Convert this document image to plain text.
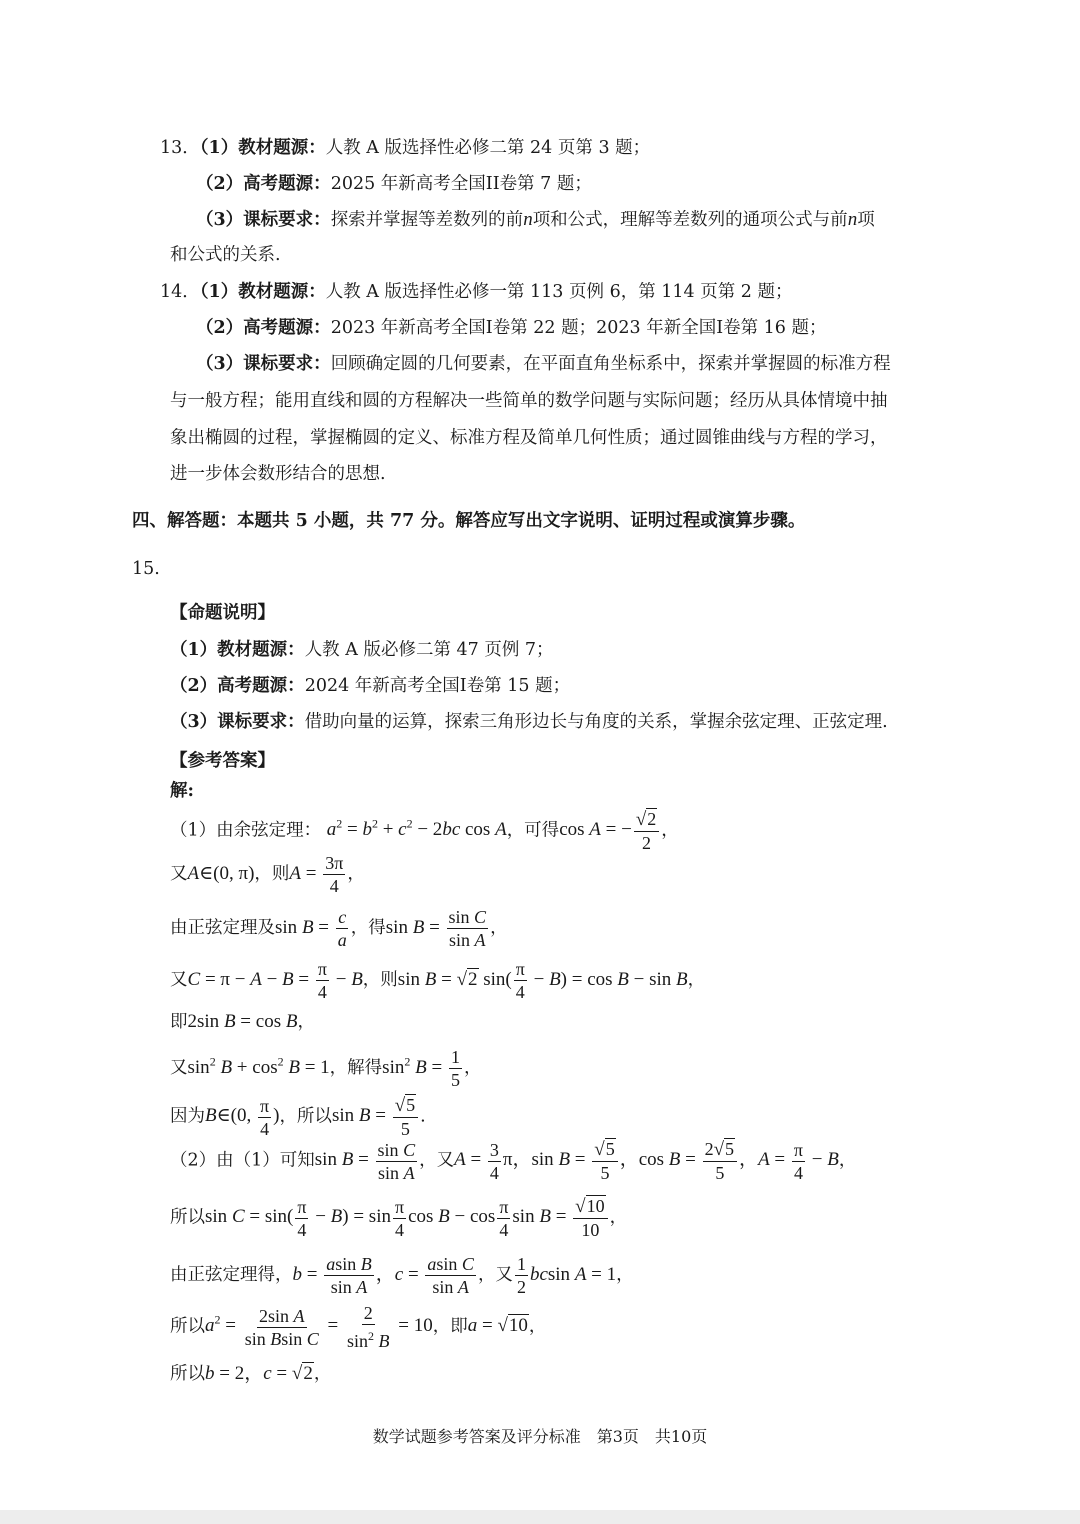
13．（1）教材题源：人教 A 版选择性必修二第 24 页第 3 题；
（2）高考题源：2025 年新高考全国II卷第 7 题；
（3）课标要求：探索并掌握等差数列的前n项和公式，理解等差数列的通项公式与前n项
和公式的关系.
14．（1）教材题源：人教 A 版选择性必修一第 113 页例 6，第 114 页第 2 题；
（2）高考题源：2023 年新高考全国I卷第 22 题；2023 年新全国I卷第 16 题；
（3）课标要求：回顾确定圆的几何要素，在平面直角坐标系中，探索并掌握圆的标准方程
与一般方程；能用直线和圆的方程解决一些简单的数学问题与实际问题；经历从具体情境中抽
象出椭圆的过程，掌握椭圆的定义、标准方程及简单几何性质；通过圆锥曲线与方程的学习，
进一步体会数形结合的思想.
四、解答题：本题共 5 小题，共 77 分。解答应写出文字说明、证明过程或演算步骤。
15.
【命题说明】
（1）教材题源：人教 A 版必修二第 47 页例 7；
（2）高考题源：2024 年新高考全国I卷第 15 题；
（3）课标要求：借助向量的运算，探索三角形边长与角度的关系，掌握余弦定理、正弦定理.
【参考答案】
解:
（1）由余弦定理： $a^2 = b^2 + c^2 - 2bc$ cos A，可得cos A = − $\frac{√2}{2}$ ，
又A∈(0, π)，则$A = \frac{3\pi}{4}$ ，
由正弦定理及$\sin B = \frac{c}{a}$ ，得$\sin B = \frac{\text{sin C}}{\text{sin A}}$ ，
又$C = \pi - A - B = \frac{\pi}{4} - B$，则sin B = √2 $\sin( \frac{\pi}{4} - B) = \cos B - \sin B$，
即2sin B = cos B，
又$\sin^2 B + \cos^2 B = 1$，解得$\sin^2 B = \frac{1}{5}$ ，
因为B∈(0, $\frac{\pi}{4}$ )，所以$\sin B = \frac{√5}{5}$ .
（2）由（1）可知$\sin B = \frac{\text{sin C}}{\text{sin A}}$ ，又$A = \frac{3}{4}$ π，$\sin B = \frac{√5}{5}$ ，$\cos B = \frac{2√5}{5}$ ，$A = \frac{\pi}{4} - B$，
所以$\sin C = \sin( \frac{\pi}{4} - B) = \sin \frac{\pi}{4}$ $\cos B - \cos \frac{\pi}{4}$ $\sin B = \frac{√10}{10}$ ，
由正弦定理得，$b = \frac{\text{asin B}}{\text{sin A}}$ ，$c = \frac{\text{asin C}}{\text{sin A}}$ ，又 $\frac{1}{2}$ bcsin A = 1，
所以$a^2 = \frac{\text{2sin A}}{\text{sin Bsin C}} = \frac{2}{\sin^2 B} = 10$，即a = √10，
所以b = 2，c = √2，
数学试题参考答案及评分标准　第3页　共10页
